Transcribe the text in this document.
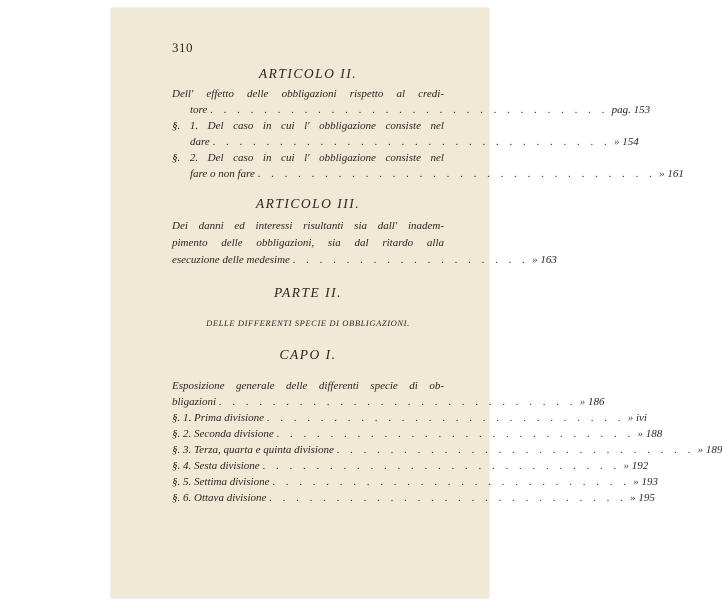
310
ARTICOLO II.
Dell' effetto delle obbligazioni rispetto al credi-
tore . . . . . . . . . . . . . . . . . . . . . . . . . . . . . . pag. 153
§. 1. Del caso in cui l' obbligazione consiste nel
dare . . . . . . . . . . . . . . . . . . . . . . . . . . . . . . » 154
§. 2. Del caso in cui l' obbligazione consiste nel
fare o non fare . . . . . . . . . . . . . . . . . . . . . . . . . . . . . . » 161
ARTICOLO III.
Dei danni ed interessi risultanti sia dall' inadem-
pimento delle obbligazioni, sia dal ritardo alla
esecuzione delle medesime . . . . . . . . . . . . . . . . . . » 163
PARTE II.
DELLE DIFFERENTI SPECIE DI OBBLIGAZIONI.
CAPO I.
Esposizione generale delle differenti specie di ob-
bligazioni . . . . . . . . . . . . . . . . . . . . . . . . . . . » 186
§. 1. Prima divisione . . . . . . . . . . . . . . . . . . . . . . . . . . . » ivi
§. 2. Seconda divisione . . . . . . . . . . . . . . . . . . . . . . . . . . . » 188
§. 3. Terza, quarta e quinta divisione . . . . . . . . . . . . . . . . . . . . . . . . . . . » 189
§. 4. Sesta divisione . . . . . . . . . . . . . . . . . . . . . . . . . . . » 192
§. 5. Settima divisione . . . . . . . . . . . . . . . . . . . . . . . . . . . » 193
§. 6. Ottava divisione . . . . . . . . . . . . . . . . . . . . . . . . . . . » 195
